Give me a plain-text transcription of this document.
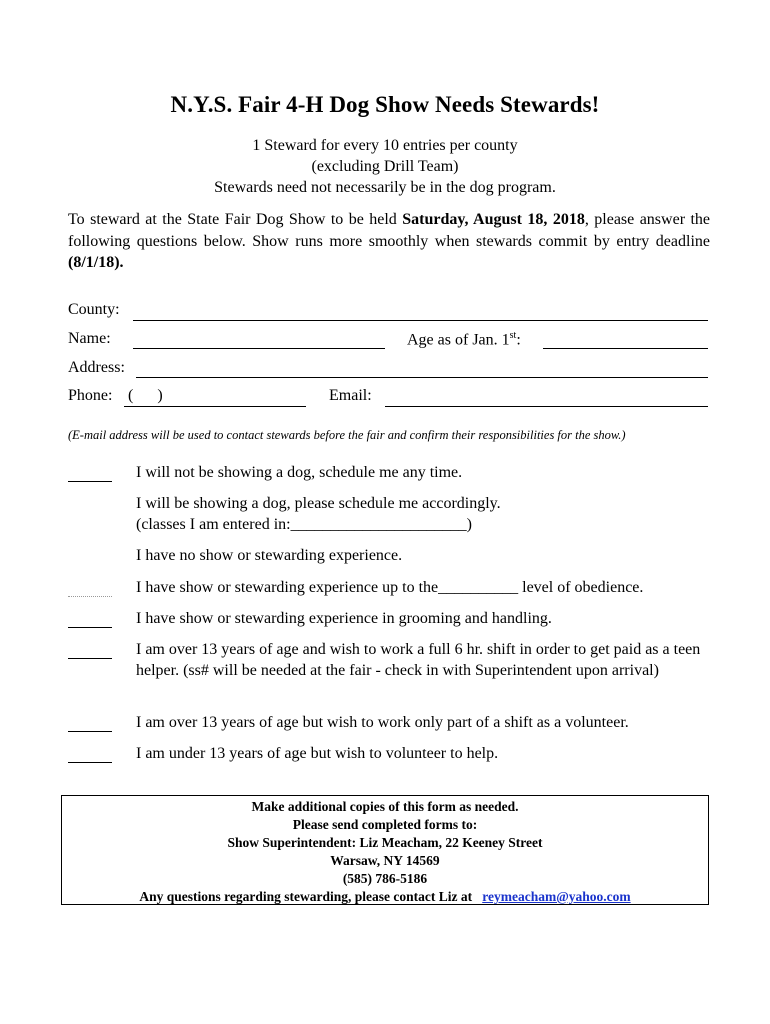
N.Y.S. Fair 4-H Dog Show Needs Stewards!
1 Steward for every 10 entries per county
(excluding Drill Team)
Stewards need not necessarily be in the dog program.
To steward at the State Fair Dog Show to be held Saturday, August 18, 2018, please answer the following questions below. Show runs more smoothly when stewards commit by entry deadline (8/1/18).
County:
Name:	Age as of Jan. 1st:
Address:
Phone: (      )	Email:
(E-mail address will be used to contact stewards before the fair and confirm their responsibilities for the show.)
I will not be showing a dog, schedule me any time.
I will be showing a dog, please schedule me accordingly.
(classes I am entered in:______________________)
I have no show or stewarding experience.
I have show or stewarding experience up to the__________ level of obedience.
I have show or stewarding experience in grooming and handling.
I am over 13 years of age and wish to work a full 6 hr. shift in order to get paid as a teen helper. (ss# will be needed at the fair - check in with Superintendent upon arrival)
I am over 13 years of age but wish to work only part of a shift as a volunteer.
I am under 13 years of age but wish to volunteer to help.
Make additional copies of this form as needed.
Please send completed forms to:
Show Superintendent: Liz Meacham, 22 Keeney Street
Warsaw, NY 14569
(585) 786-5186
Any questions regarding stewarding, please contact Liz at reymeacham@yahoo.com
